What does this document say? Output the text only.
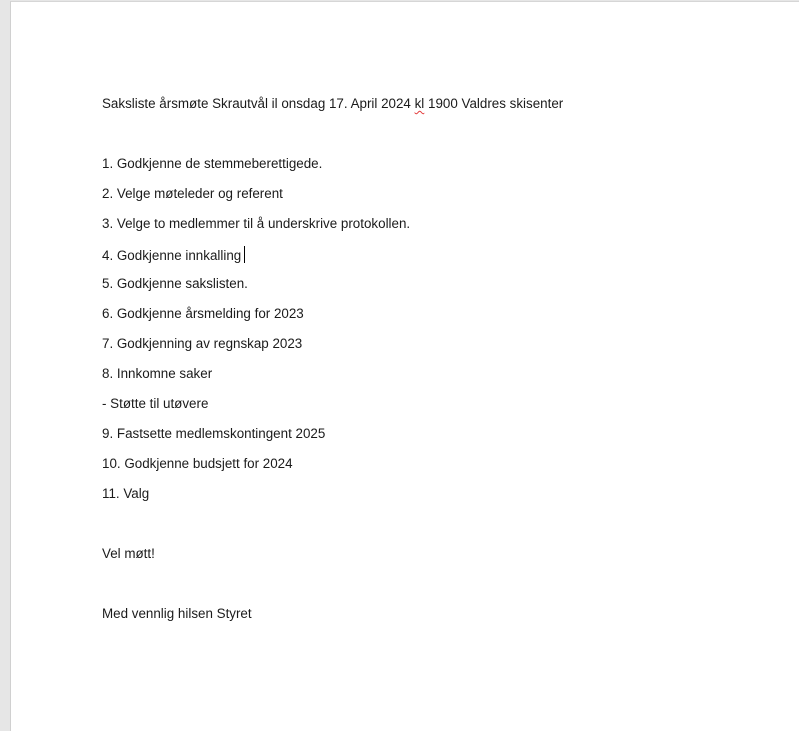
Saksliste årsmøte Skrautvål il onsdag 17. April 2024 kl 1900 Valdres skisenter

1. Godkjenne de stemmeberettigede.

2. Velge møteleder og referent

3. Velge to medlemmer til å underskrive protokollen.

4. Godkjenne innkalling

5. Godkjenne sakslisten.

6. Godkjenne årsmelding for 2023

7. Godkjenning av regnskap 2023

8. Innkomne saker

- Støtte til utøvere

9. Fastsette medlemskontingent 2025

10. Godkjenne budsjett for 2024

11. Valg

Vel møtt!

Med vennlig hilsen Styret
